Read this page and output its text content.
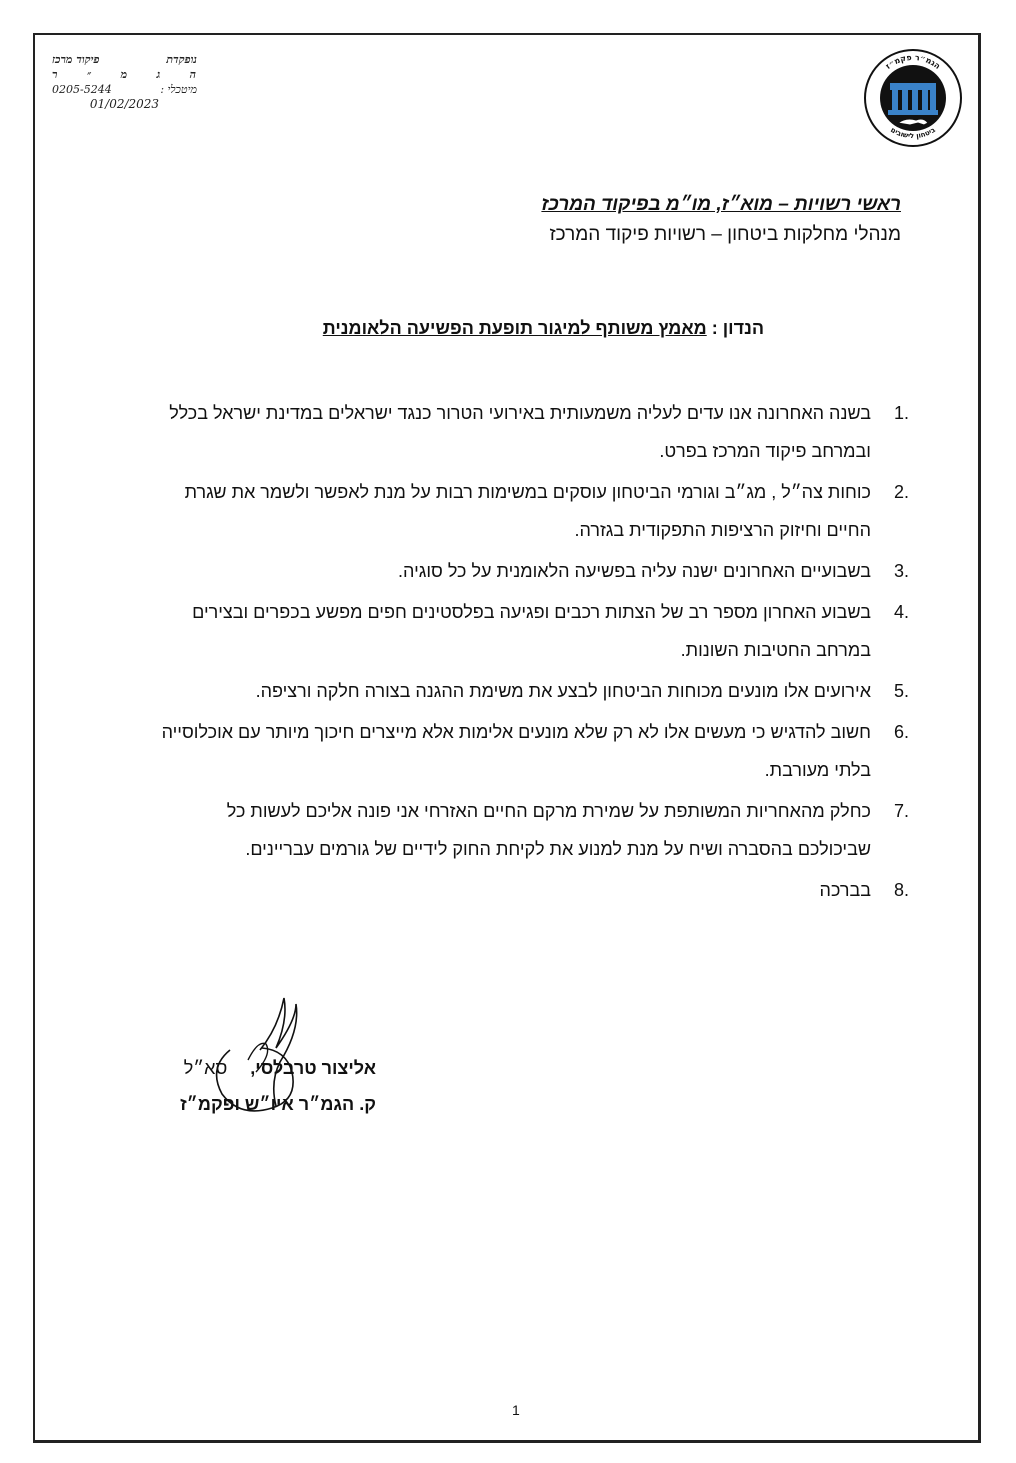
נופקדת
פיקוד מרכז
ה
ג
מ
״
ר
0205-5244	מיטכלי :
01/02/2023
הגמ״ר פקמ״ז
ביטחון לישובים
ראשי רשויות – מוא״ז, מו״מ בפיקוד המרכז
מנהלי מחלקות ביטחון – רשויות פיקוד המרכז
הנדון : מאמץ משותף למיגור תופעת הפשיעה הלאומנית
1.
בשנה האחרונה אנו עדים לעליה משמעותית באירועי הטרור כנגד ישראלים במדינת ישראל בכלל ובמרחב פיקוד המרכז בפרט.
2.
כוחות צה״ל , מג״ב וגורמי הביטחון עוסקים במשימות רבות על מנת לאפשר ולשמר את שגרת החיים וחיזוק הרציפות התפקודית בגזרה.
3.
בשבועיים האחרונים ישנה עליה בפשיעה הלאומנית על כל סוגיה.
4.
בשבוע האחרון מספר רב של הצתות רכבים ופגיעה בפלסטינים חפים מפשע בכפרים ובצירים במרחב החטיבות השונות.
5.
אירועים אלו מונעים מכוחות הביטחון לבצע את משימת ההגנה בצורה חלקה ורציפה.
6.
חשוב להדגיש כי מעשים אלו לא רק שלא מונעים אלימות אלא מייצרים חיכוך מיותר עם אוכלוסייה בלתי מעורבת.
7.
כחלק מהאחריות המשותפת על שמירת מרקם החיים האזרחי אני פונה אליכם לעשות כל שביכולכם בהסברה ושיח על מנת למנוע את לקיחת החוק לידיים של גורמים עבריינים.
8.
בברכה
אליצור טרבלסי, סא״ל
ק. הגמ״ר איו״ש ופקמ״ז
1
